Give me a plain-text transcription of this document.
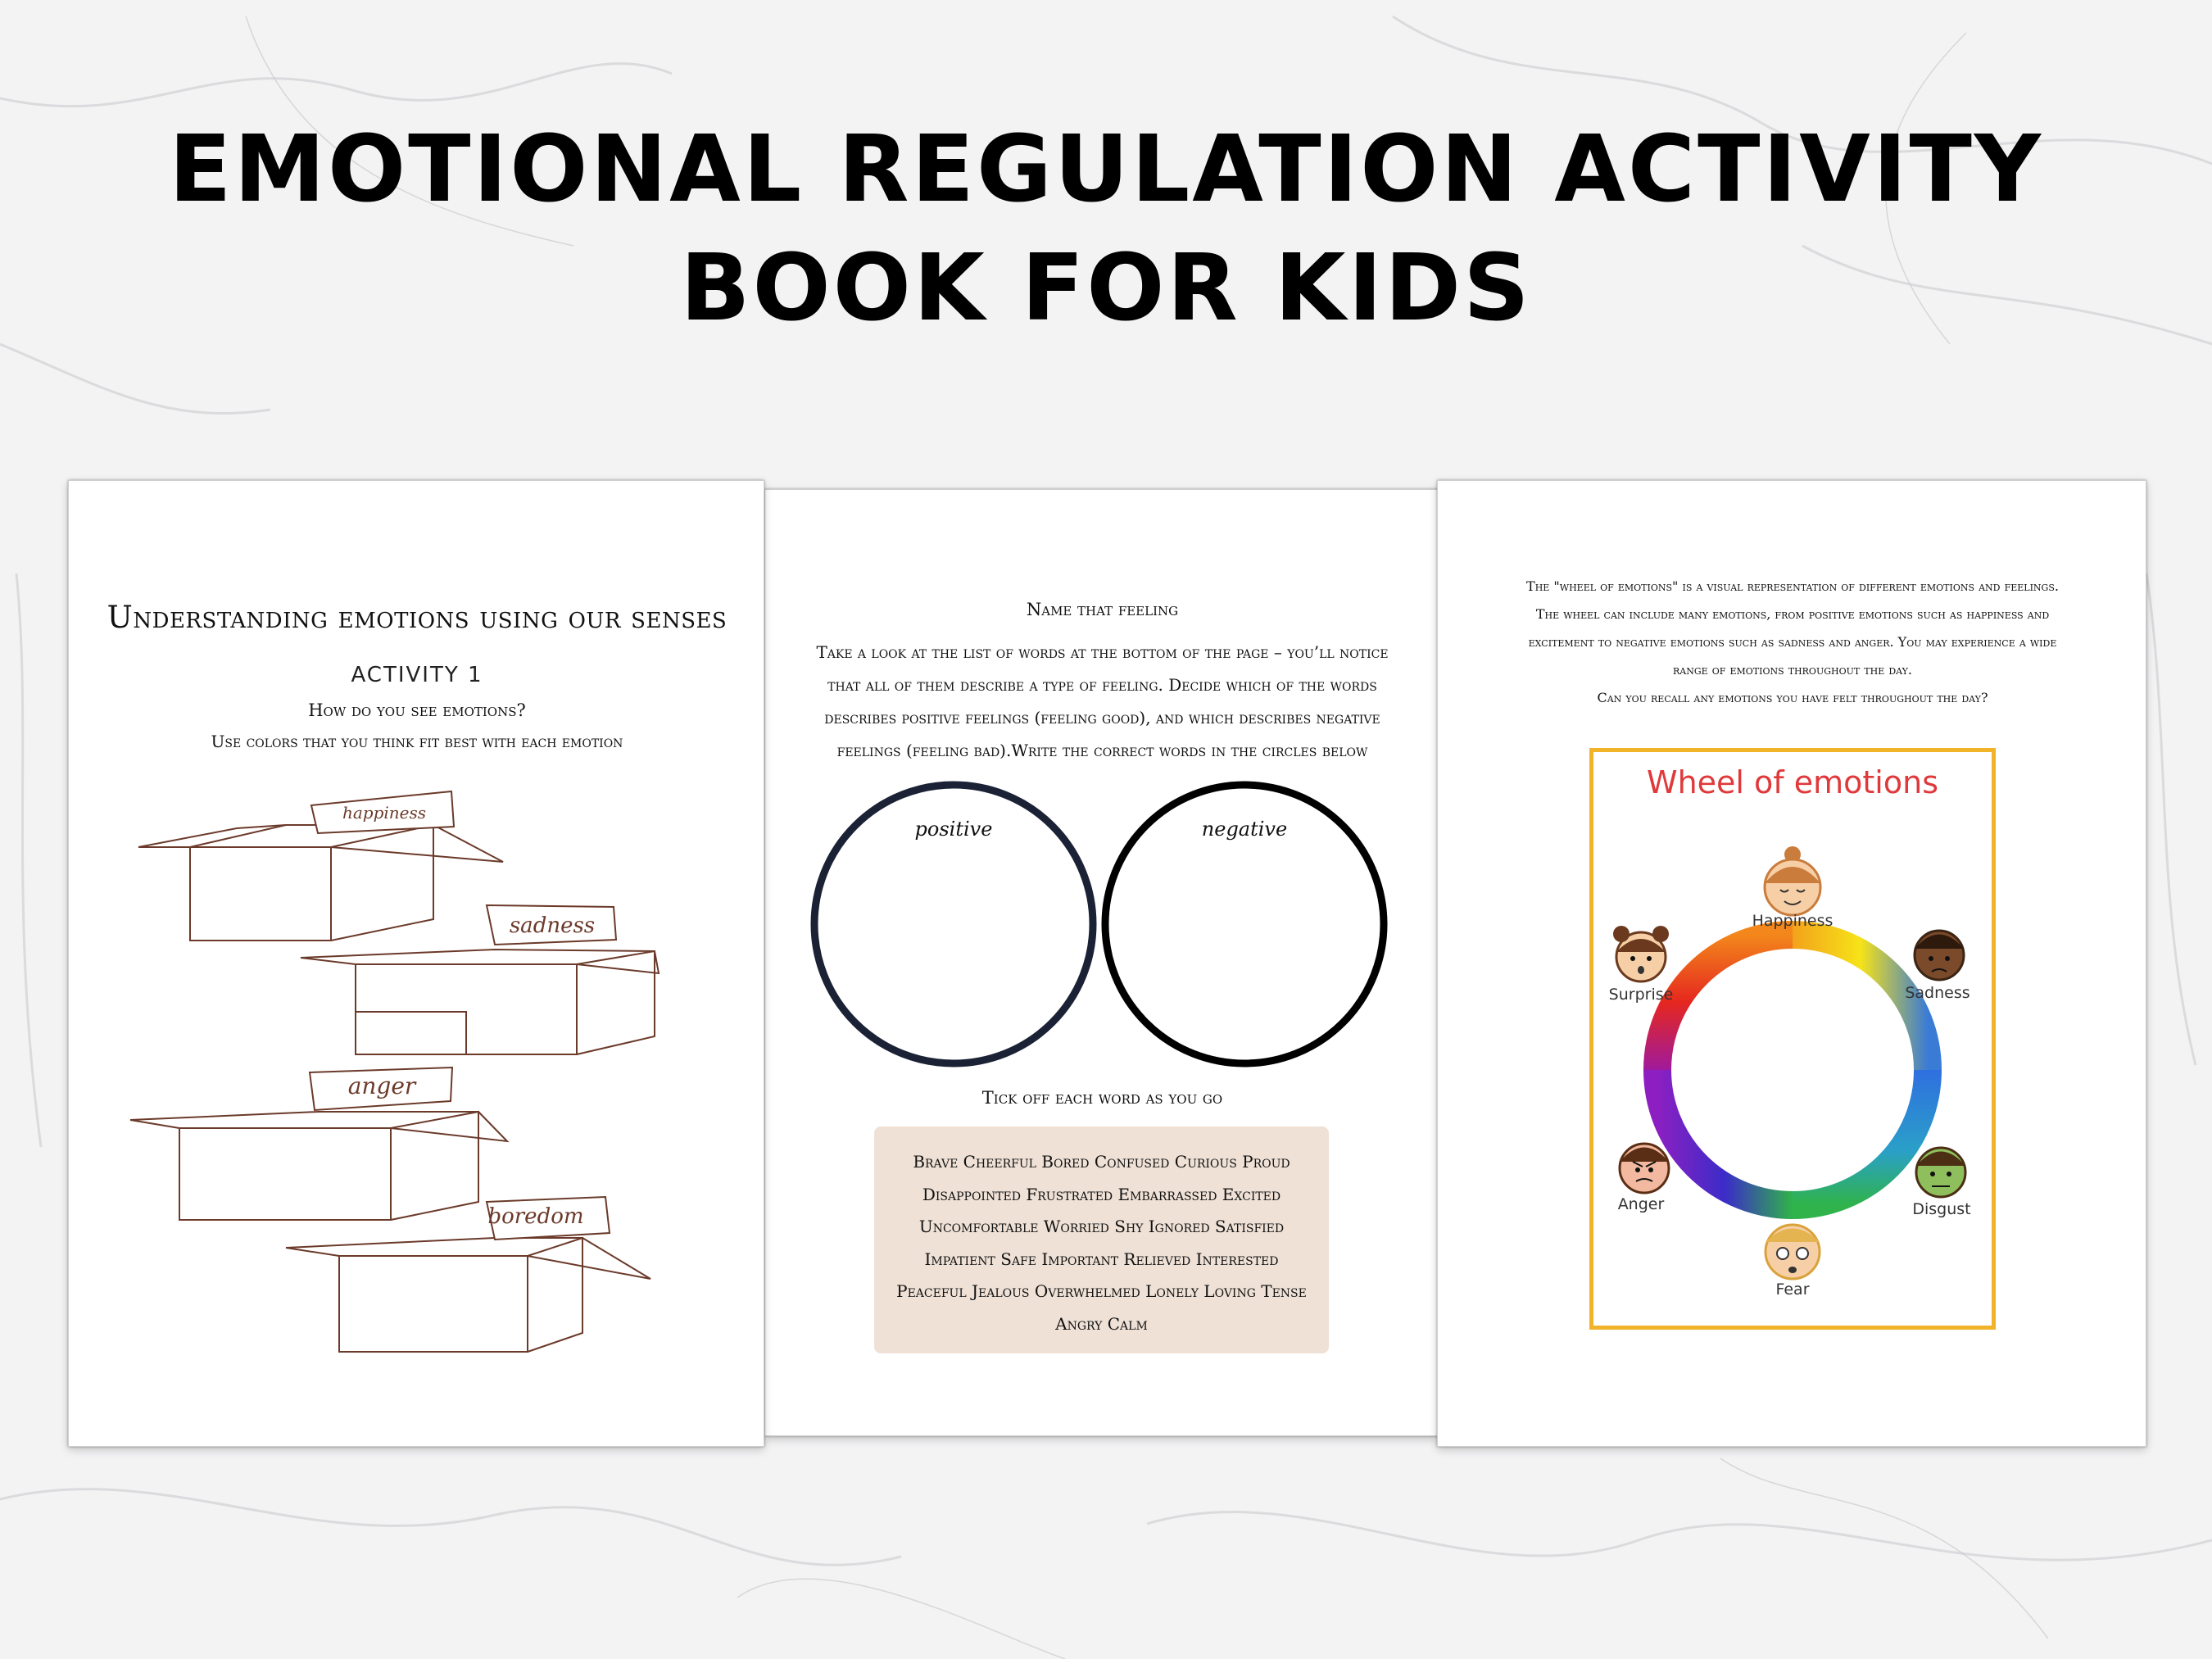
EMOTIONAL REGULATION ACTIVITY
BOOK FOR KIDS
Understanding emotions using our senses
ACTIVITY 1
How do you see emotions?
Use colors that you think fit best with each emotion
happiness
sadness
anger
boredom
Name that feeling
Take a look at the list of words at the bottom of the page – you’ll notice
that all of them describe a type of feeling. Decide which of the words
describes positive feelings (feeling good), and which describes negative
feelings (feeling bad).Write the correct words in the circles below
positive	negative
Tick off each word as you go
Brave Cheerful Bored Confused Curious Proud
Disappointed Frustrated Embarrassed Excited
Uncomfortable Worried Shy Ignored Satisfied
Impatient Safe Important Relieved Interested
Peaceful Jealous Overwhelmed Lonely Loving Tense
Angry Calm
The "wheel of emotions" is a visual representation of different emotions and feelings.
The wheel can include many emotions, from positive emotions such as happiness and
excitement to negative emotions such as sadness and anger. You may experience a wide
range of emotions throughout the day.
Can you recall any emotions you have felt throughout the day?
Wheel of emotions
Happiness
Sadness
Disgust
Fear
Anger
Surprise
